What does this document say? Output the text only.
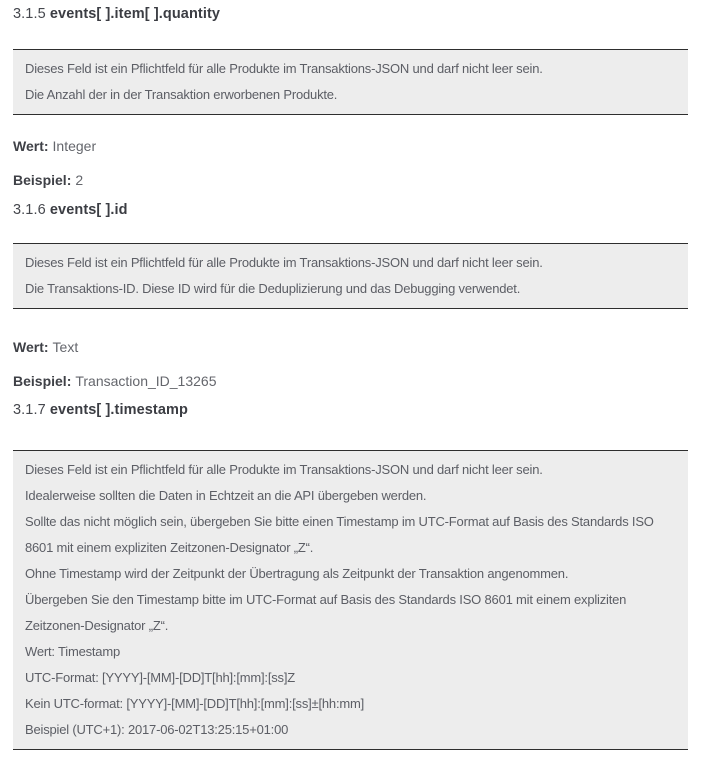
3.1.5 events[ ].item[ ].quantity
Dieses Feld ist ein Pflichtfeld für alle Produkte im Transaktions-JSON und darf nicht leer sein.
Die Anzahl der in der Transaktion erworbenen Produkte.
Wert: Integer
Beispiel: 2
3.1.6 events[ ].id
Dieses Feld ist ein Pflichtfeld für alle Produkte im Transaktions-JSON und darf nicht leer sein.
Die Transaktions-ID. Diese ID wird für die Deduplizierung und das Debugging verwendet.
Wert: Text
Beispiel: Transaction_ID_13265
3.1.7 events[ ].timestamp
Dieses Feld ist ein Pflichtfeld für alle Produkte im Transaktions-JSON und darf nicht leer sein.
Idealerweise sollten die Daten in Echtzeit an die API übergeben werden.
Sollte das nicht möglich sein, übergeben Sie bitte einen Timestamp im UTC-Format auf Basis des Standards ISO
8601 mit einem expliziten Zeitzonen-Designator „Z“.
Ohne Timestamp wird der Zeitpunkt der Übertragung als Zeitpunkt der Transaktion angenommen.
Übergeben Sie den Timestamp bitte im UTC-Format auf Basis des Standards ISO 8601 mit einem expliziten
Zeitzonen-Designator „Z“.
Wert: Timestamp
UTC-Format: [YYYY]-[MM]-[DD]T[hh]:[mm]:[ss]Z
Kein UTC-format: [YYYY]-[MM]-[DD]T[hh]:[mm]:[ss]±[hh:mm]
Beispiel (UTC+1): 2017-06-02T13:25:15+01:00
